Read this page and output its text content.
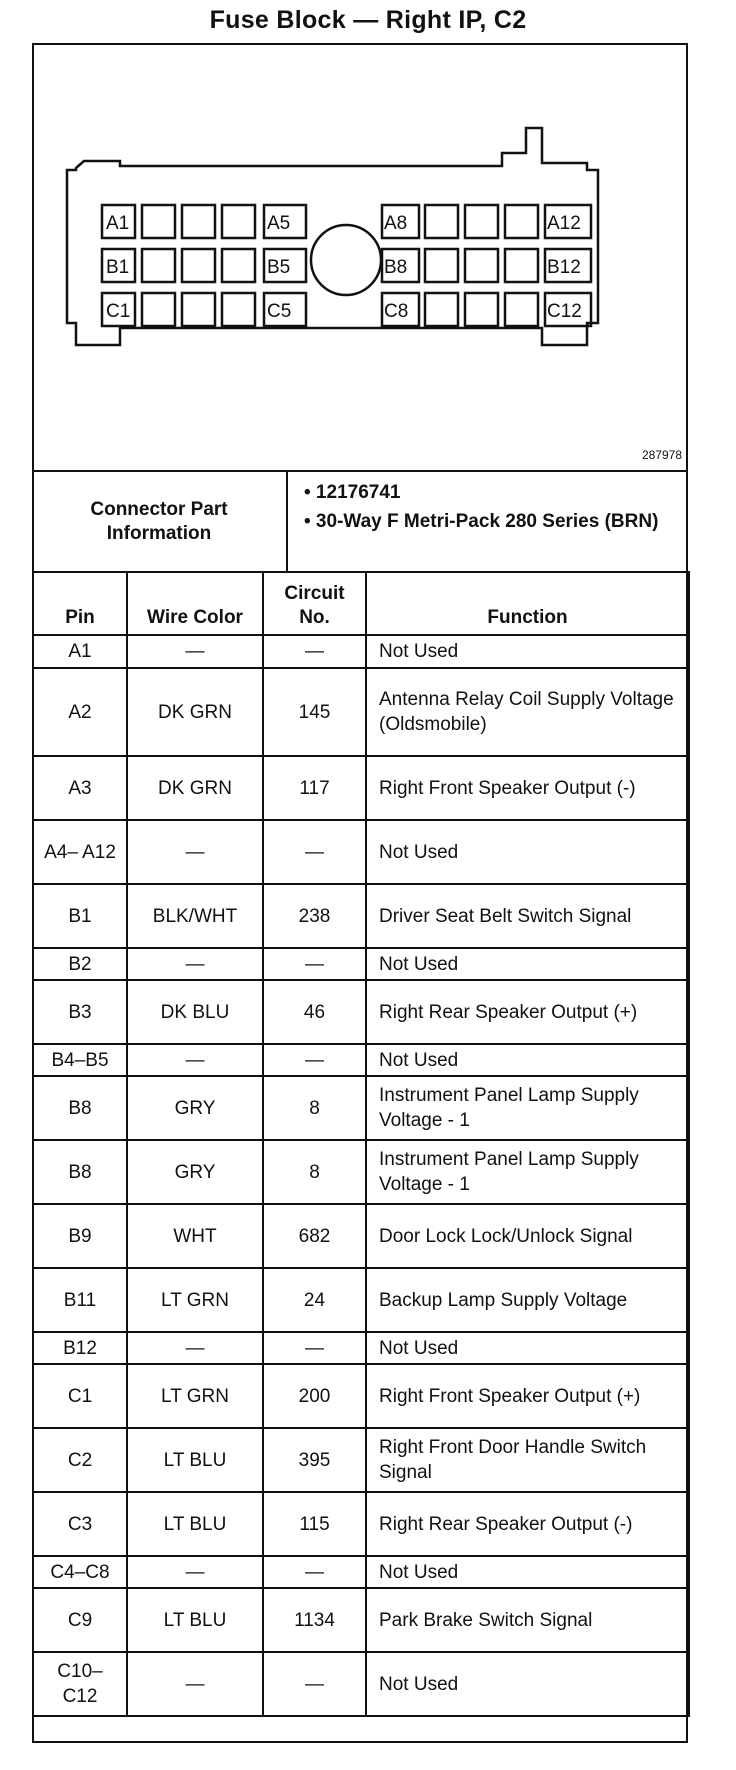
Fuse Block — Right IP, C2
A1	A5	A8	A12
B1	B5	B8	B12
C1	C5	C8	C12
287978
Connector Part
Information
• 12176741
• 30-Way F Metri-Pack 280 Series (BRN)
Pin	Wire Color	Circuit No.	Function
A1	—	—	Not Used
A2	DK GRN	145	Antenna Relay Coil Supply Voltage (Oldsmobile)
A3	DK GRN	117	Right Front Speaker Output (-)
A4– A12	—	—	Not Used
B1	BLK/WHT	238	Driver Seat Belt Switch Signal
B2	—	—	Not Used
B3	DK BLU	46	Right Rear Speaker Output (+)
B4–B5	—	—	Not Used
B8	GRY	8	Instrument Panel Lamp Supply Voltage - 1
B8	GRY	8	Instrument Panel Lamp Supply Voltage - 1
B9	WHT	682	Door Lock Lock/Unlock Signal
B11	LT GRN	24	Backup Lamp Supply Voltage
B12	—	—	Not Used
C1	LT GRN	200	Right Front Speaker Output (+)
C2	LT BLU	395	Right Front Door Handle Switch Signal
C3	LT BLU	115	Right Rear Speaker Output (-)
C4–C8	—	—	Not Used
C9	LT BLU	1134	Park Brake Switch Signal
C10– C12	—	—	Not Used
